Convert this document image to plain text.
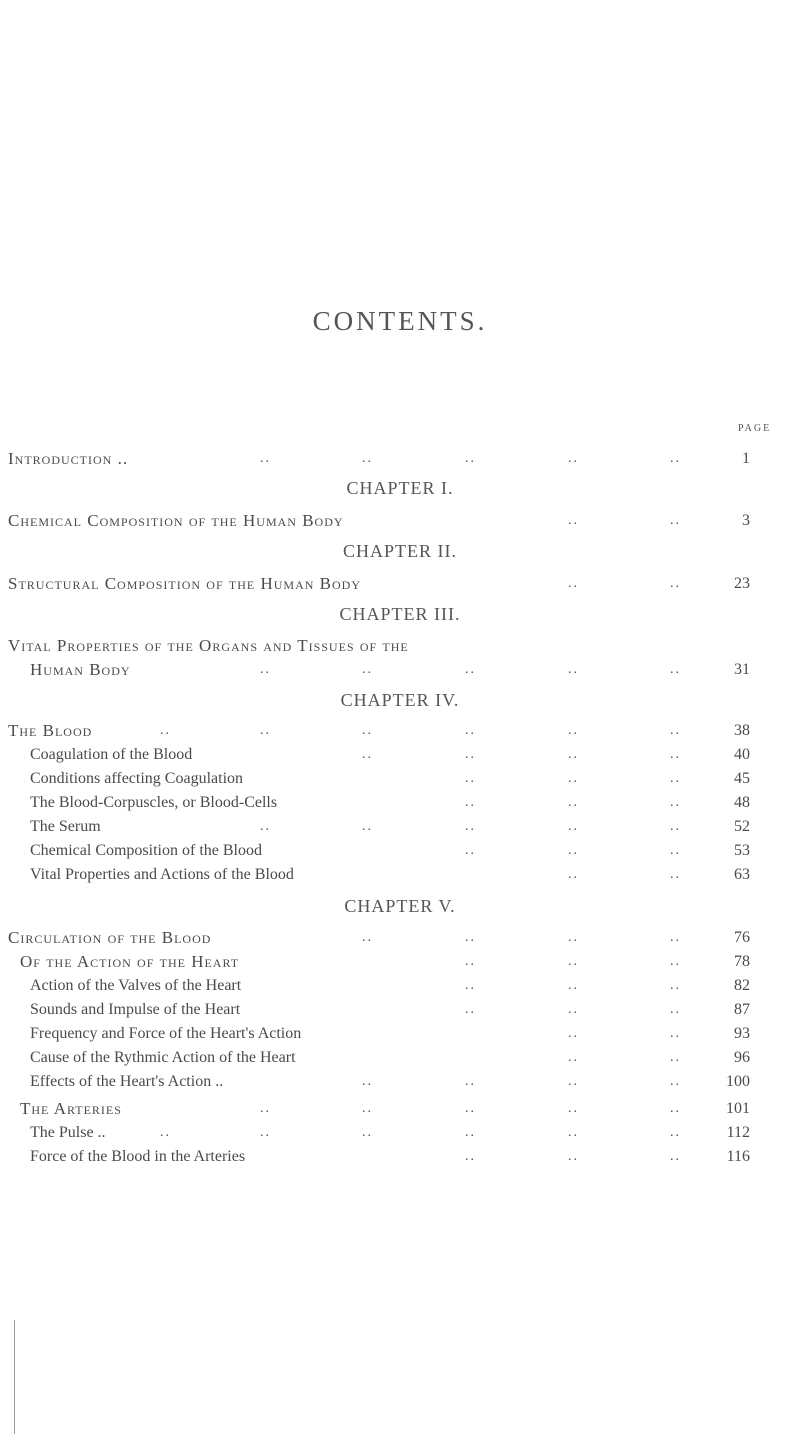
CONTENTS.
PAGE
Introduction ..	..	..	..	..	..	1
CHAPTER I.
Chemical Composition of the Human Body	..	..	3
CHAPTER II.
Structural Composition of the Human Body	..	..	23
CHAPTER III.
Vital Properties of the Organs and Tissues of the
Human Body	..	..	..	..	..	31
CHAPTER IV.
The Blood	..	..	..	..	..	..	38
Coagulation of the Blood	..	..	..	..	40
Conditions affecting Coagulation	..	..	..	45
The Blood-Corpuscles, or Blood-Cells	..	..	..	48
The Serum	..	..	..	..	..	52
Chemical Composition of the Blood	..	..	..	53
Vital Properties and Actions of the Blood	..	..	63
CHAPTER V.
Circulation of the Blood	..	..	..	..	76
Of the Action of the Heart	..	..	..	78
Action of the Valves of the Heart	..	..	..	82
Sounds and Impulse of the Heart	..	..	..	87
Frequency and Force of the Heart's Action	..	..	93
Cause of the Rythmic Action of the Heart	..	..	96
Effects of the Heart's Action ..	..	..	..	..	100
The Arteries	..	..	..	..	..	101
The Pulse ..	..	..	..	..	..	..	112
Force of the Blood in the Arteries	..	..	..	116
